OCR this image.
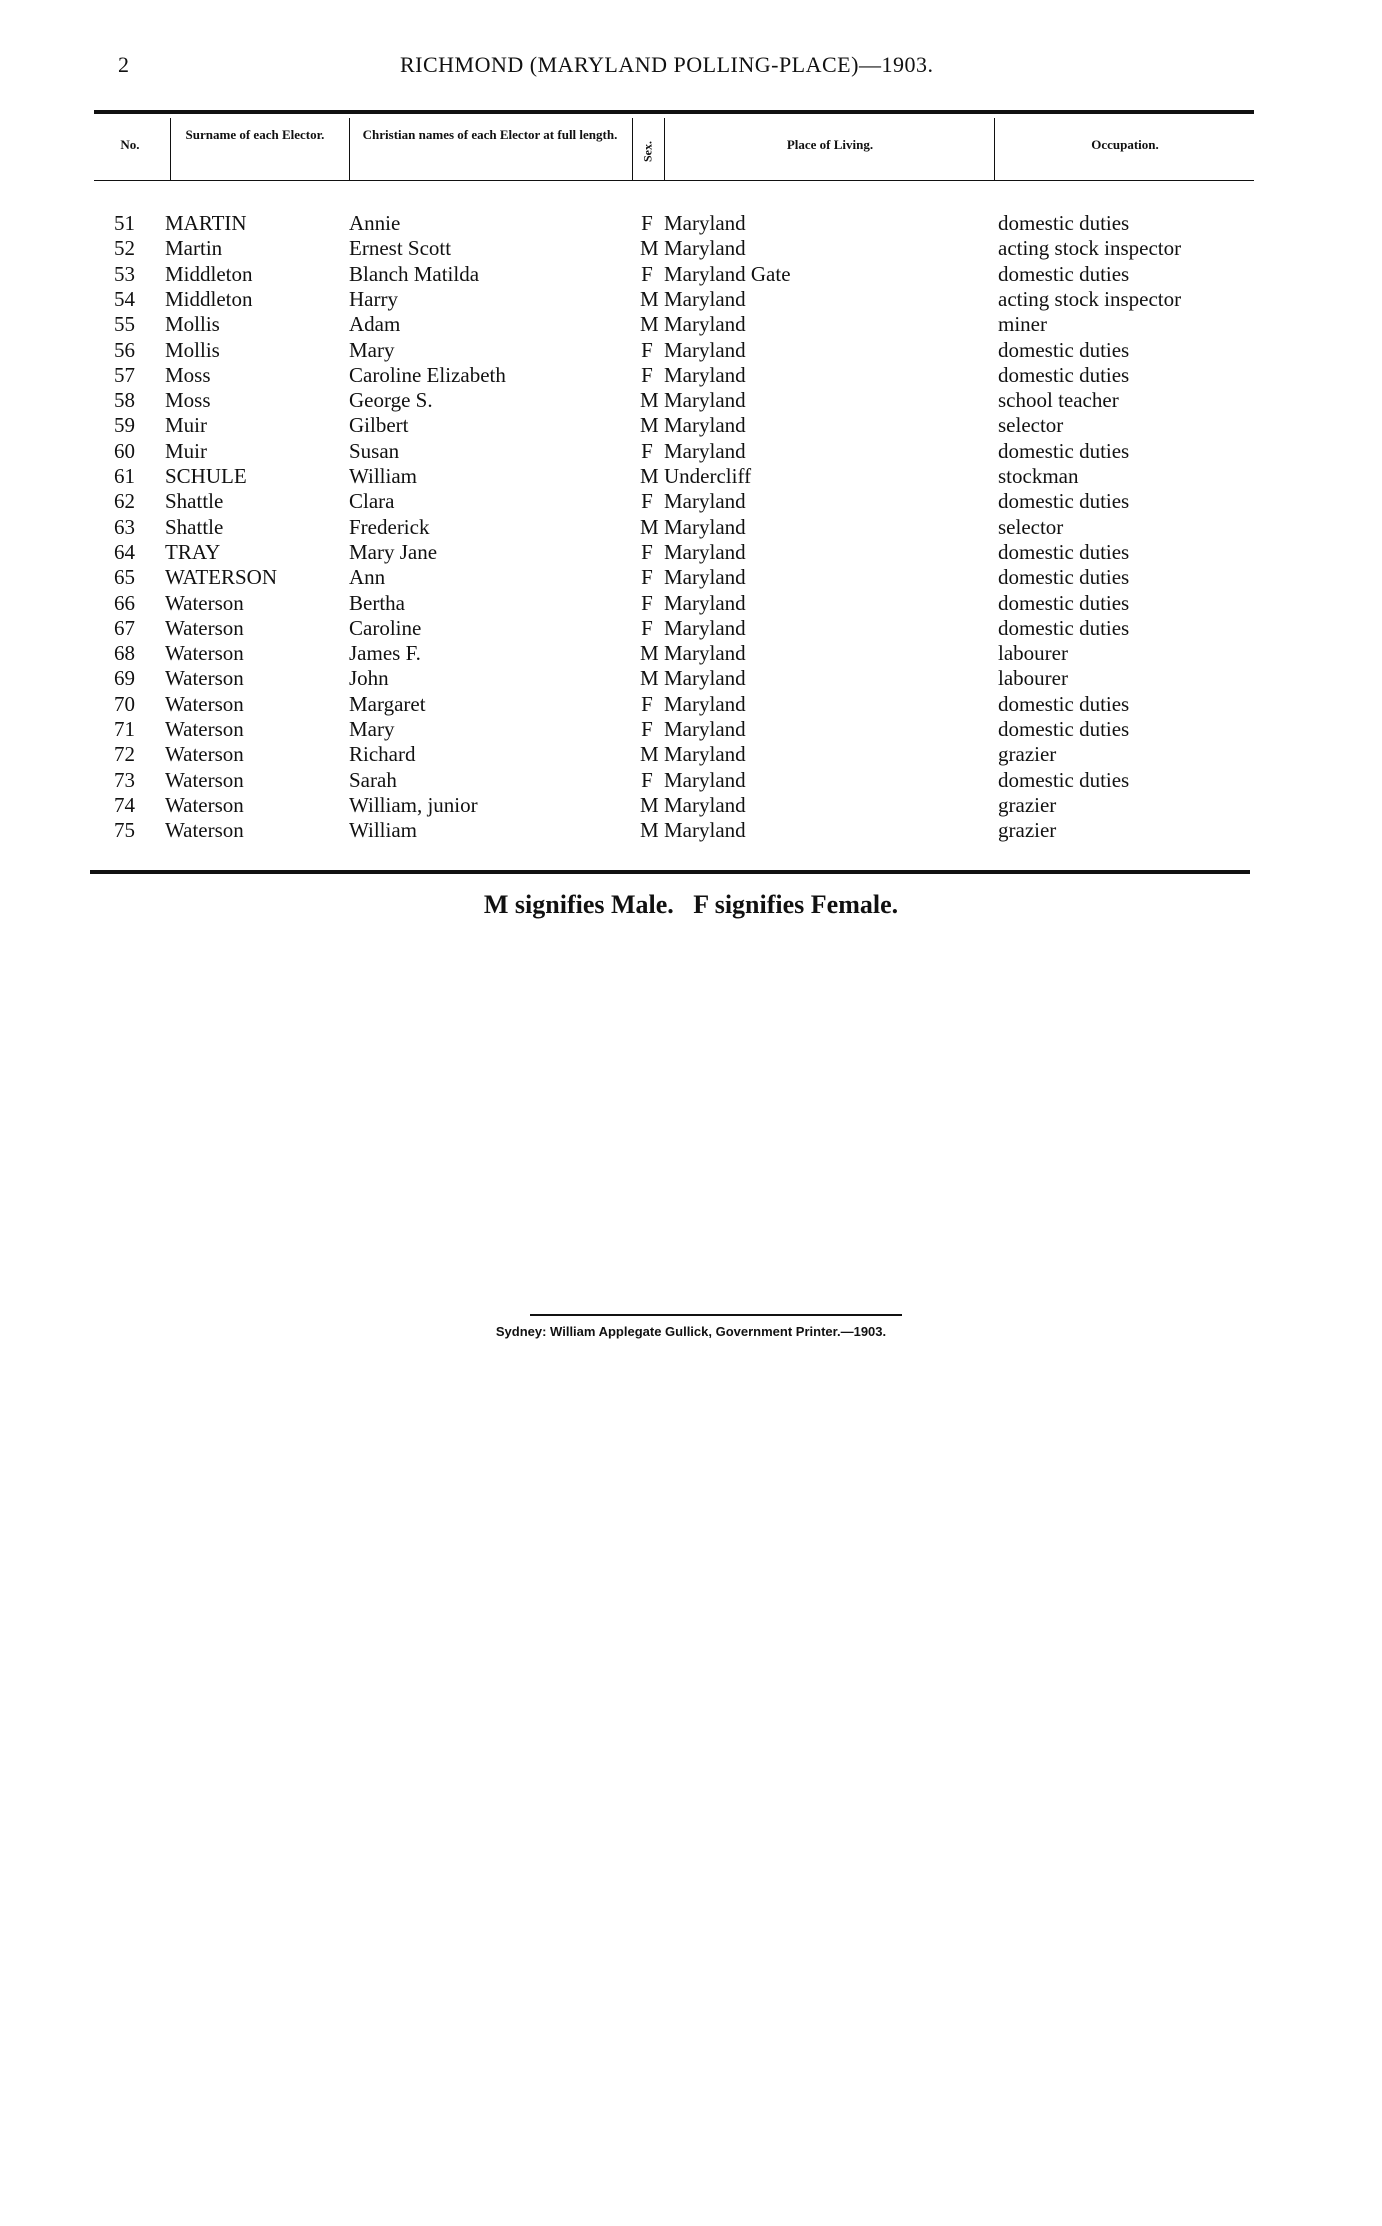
2	RICHMOND (MARYLAND POLLING-PLACE)—1903.
No.
Surname of each Elector.	Christian names of each Elector at full length.
Sex.	Place of Living.	Occupation.
51	MARTIN	Annie	F Maryland	domestic duties
52	Martin	Ernest Scott	M Maryland	acting stock inspector
53	Middleton	Blanch Matilda	F Maryland Gate	domestic duties
54	Middleton	Harry	M Maryland	acting stock inspector
55	Mollis	Adam	M Maryland	miner
56	Mollis	Mary	F Maryland	domestic duties
57	Moss	Caroline Elizabeth	F Maryland	domestic duties
58	Moss	George S.	M Maryland	school teacher
59	Muir	Gilbert	M Maryland	selector
60	Muir	Susan	F Maryland	domestic duties
61	SCHULE	William	M Undercliff	stockman
62	Shattle	Clara	F Maryland	domestic duties
63	Shattle	Frederick	M Maryland	selector
64	TRAY	Mary Jane	F Maryland	domestic duties
65	WATERSON	Ann	F Maryland	domestic duties
66	Waterson	Bertha	F Maryland	domestic duties
67	Waterson	Caroline	F Maryland	domestic duties
68	Waterson	James F.	M Maryland	labourer
69	Waterson	John	M Maryland	labourer
70	Waterson	Margaret	F Maryland	domestic duties
71	Waterson	Mary	F Maryland	domestic duties
72	Waterson	Richard	M Maryland	grazier
73	Waterson	Sarah	F Maryland	domestic duties
74	Waterson	William, junior	M Maryland	grazier
75	Waterson	William	M Maryland	grazier
M signifies Male.   F signifies Female.
Sydney: William Applegate Gullick, Government Printer.—1903.
